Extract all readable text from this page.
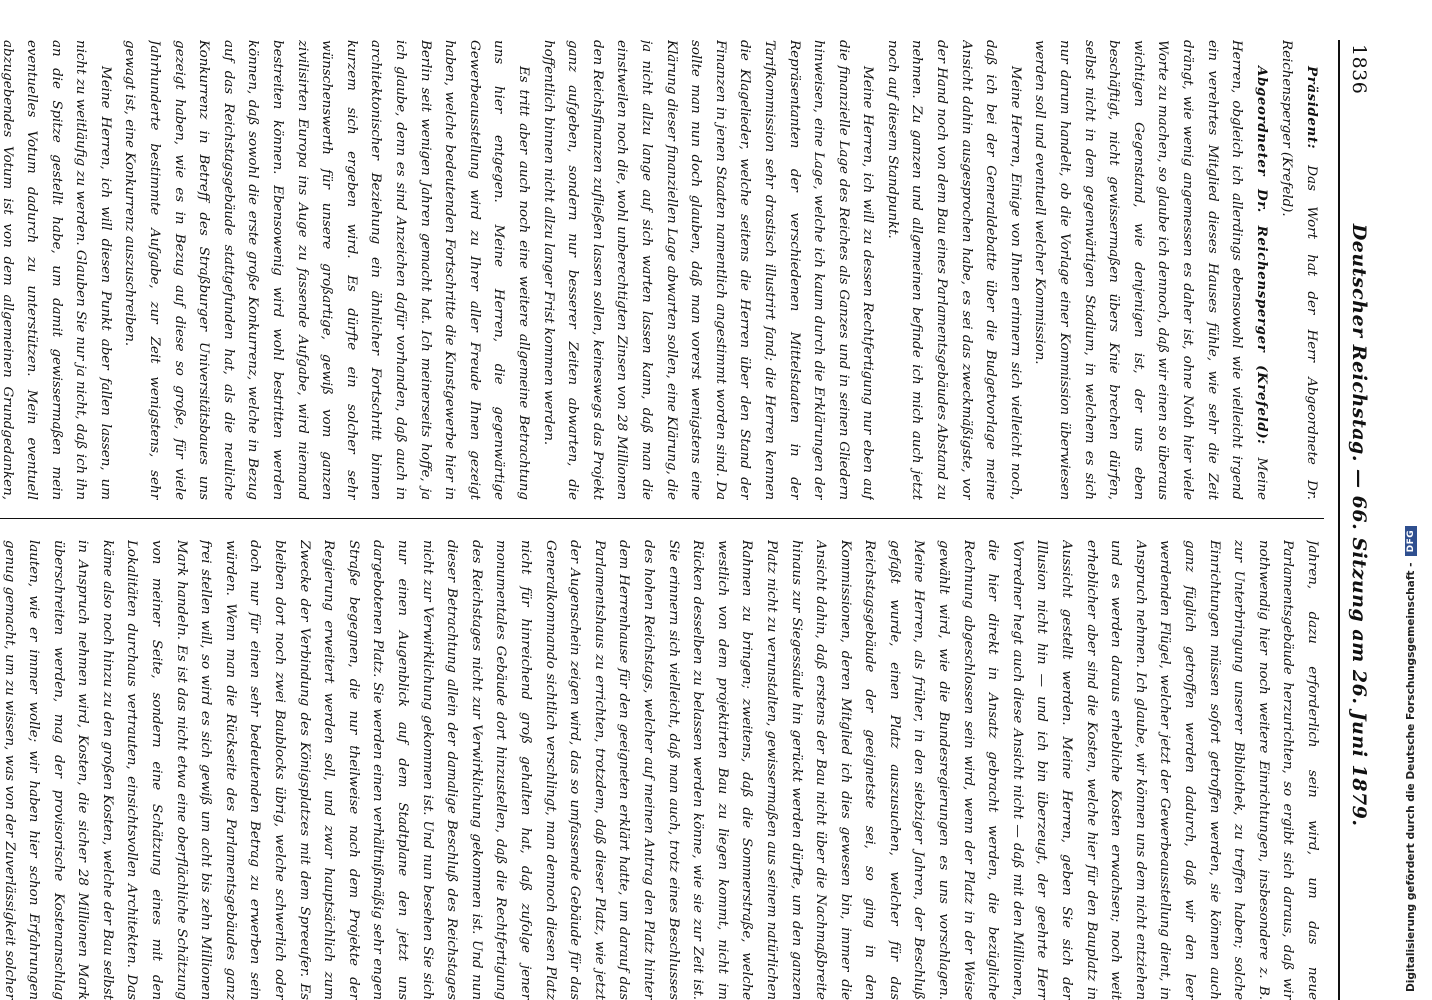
1836
Deutscher Reichstag. — 66. Sitzung am 26. Juni 1879.

Präsident: Das Wort hat der Herr Abgeordnete Dr. Reichensperger (Krefeld).

Abgeordneter Dr. Reichensperger (Krefeld): Meine Herren, obgleich ich allerdings ebensowohl wie vielleicht irgend ein verehrtes Mitglied dieses Hauses fühle, wie sehr die Zeit drängt, wie wenig angemessen es daher ist, ohne Noth hier viele Worte zu machen, so glaube ich dennoch, daß wir einen so überaus wichtigen Gegenstand, wie denjenigen ist, der uns eben beschäftigt, nicht gewissermaßen übers Knie brechen dürfen, selbst nicht in dem gegenwärtigen Stadium, in welchem es sich nur darum handelt, ob die Vorlage einer Kommission überwiesen werden soll und eventuell welcher Kommission.

Meine Herren, Einige von Ihnen erinnern sich vielleicht noch, daß ich bei der Generaldebatte über die Budgetvorlage meine Ansicht dahin ausgesprochen habe, es sei das zweckmäßigste, vor der Hand noch von dem Bau eines Parlamentsgebäudes Abstand zu nehmen. Zu ganzen und allgemeinen befinde ich mich auch jetzt noch auf diesem Standpunkt.

Meine Herren, ich will zu dessen Rechtfertigung nur eben auf die finanzielle Lage des Reiches als Ganzes und in seinen Gliedern hinweisen, eine Lage, welche ich kaum durch die Erklärungen der Repräsentanten der verschiedenen Mittelstaaten in der Tarifkommission sehr drastisch illustrirt fand; die Herren kennen die Klagelieder, welche seitens die Herren über den Stand der Finanzen in jenen Staaten namentlich angestimmt worden sind. Da sollte man nun doch glauben, daß man vorerst wenigstens eine Klärung dieser finanziellen Lage abwarten sollen, eine Klärung, die ja nicht allzu lange auf sich warten lassen kann, daß man die einstweilen noch die, wohl unberechtigten Zinsen von 28 Millionen den Reichsfinanzen zufließen lassen sollen, keineswegs das Projekt ganz aufgeben, sondern nur besserer Zeiten abwarten, die hoffentlich binnen nicht allzu langer Frist kommen werden.

Es tritt aber auch noch eine weitere allgemeine Betrachtung uns hier entgegen. Meine Herren, die gegenwärtige Gewerbeausstellung wird zu Ihrer aller Freude Ihnen gezeigt haben, welche bedeutenden Fortschritte die Kunstgewerbe hier in Berlin seit wenigen Jahren gemacht hat. Ich meinerseits hoffe, ja ich glaube, denn es sind Anzeichen dafür vorhanden, daß auch in architektonischer Beziehung ein ähnlicher Fortschritt binnen kurzem sich ergeben wird. Es dürfte ein solcher sehr wünschenswerth für unsere großartige, gewiß vom ganzen zivilisirten Europa ins Auge zu fassende Aufgabe, wird niemand bestreiten können. Ebensowenig wird wohl bestritten werden können, daß sowohl die erste große Konkurrenz, welche in Bezug auf das Reichstagsgebäude stattgefunden hat, als die neuliche Konkurrenz in Betreff des Straßburger Universitätsbaues uns gezeigt haben, wie es in Bezug auf diese so große, für viele Jahrhunderte bestimmte Aufgabe, zur Zeit wenigstens, sehr gewagt ist, eine Konkurrenz auszuschreiben.

Meine Herren, ich will diesen Punkt aber fallen lassen, um nicht zu weitläufig zu werden. Glauben Sie nur ja nicht, daß ich ihn an die Spitze gestellt habe, um damit gewissermaßen mein eventuelles Votum dadurch zu unterstützen. Mein eventuell abzugebendes Votum ist von dem allgemeinen Grundgedanken,

Jahren, dazu erforderlich sein wird, um das neue Parlamentsgebäude herzurichten, so ergibt sich daraus, daß wir nothwendig hier noch weitere Einrichtungen, insbesondere z. B. zur Unterbringung unserer Bibliothek, zu treffen haben; solche Einrichtungen müssen sofort getroffen werden, sie können auch ganz füglich getroffen werden dadurch, daß wir den leer werdenden Flügel, welcher jetzt der Gewerbeausstellung dient, in Anspruch nehmen. Ich glaube, wir können uns dem nicht entziehen und es werden daraus erhebliche Kosten erwachsen; noch weit erheblicher aber sind die Kosten, welche hier für den Bauplatz in Aussicht gestellt werden. Meine Herren, geben Sie sich der Illusion nicht hin — und ich bin überzeugt, der geehrte Herr Vorredner hegt auch diese Ansicht nicht — daß mit den Millionen, die hier direkt in Ansatz gebracht werden, die bezügliche Rechnung abgeschlossen sein wird, wenn der Platz in der Weise gewählt wird, wie die Bundesregierungen es uns vorschlagen. Meine Herren, als früher, in den siebziger Jahren, der Beschluß gefaßt wurde, einen Platz auszusuchen, welcher für das Reichstagsgebäude der geeignetste sei, so ging in den Kommissionen, deren Mitglied ich dies gewesen bin, immer die Ansicht dahin, daß erstens der Bau nicht über die Nachmaßbreite hinaus zur Siegessäule hin gerückt werden dürfte, um den ganzen Platz nicht zu verunstalten, gewissermaßen aus seinem natürlichen Rahmen zu bringen; zweitens, daß die Sommerstraße, welche westlich von dem projektirten Bau zu liegen kommt, nicht im Rücken desselben zu belassen werden könne, wie sie zur Zeit ist. Sie erinnern sich vielleicht, daß man auch, trotz eines Beschlusses des hohen Reichstags, welcher auf meinen Antrag den Platz hinter dem Herrenhause für den geeigneten erklärt hatte, um darauf das Parlamentshaus zu errichten, trotzdem, daß dieser Platz, wie jetzt der Augenschein zeigen wird, das so umfassende Gebäude für das Generalkommando sichtlich verschlingt, man dennoch diesen Platz nicht für hinreichend groß gehalten hat, daß zufolge jener monumentales Gebäude dort hinzustellen, daß die Rechtfertigung des Reichstages nicht zur Verwirklichung gekommen ist. Und nun dieser Betrachtung allein der damalige Beschluß des Reichstages nicht zur Verwirklichung gekommen ist. Und nun besehen Sie sich nur einen Augenblick auf dem Stadtplane den jetzt uns dargebotenen Platz. Sie werden einen verhältnißmäßig sehr engen Straße begegnen, die nur theilweise nach dem Projekte der Regierung erweitert werden soll, und zwar hauptsächlich zum Zwecke der Verbindung des Königsplatzes mit dem Spreeufer. Es bleiben dort noch zwei Baublocks übrig, welche schwerlich oder doch nur für einen sehr bedeutenden Betrag zu erwerben sein würden. Wenn man die Rückseite des Parlamentsgebäudes ganz frei stellen will, so wird es sich gewiß um acht bis zehn Millionen Mark handeln. Es ist das nicht etwa eine oberflächliche Schätzung von meiner Seite, sondern eine Schätzung eines mit den Lokalitäten durchaus vertrauten, einsichtsvollen Architekten. Das käme also noch hinzu zu den großen Kosten, welche der Bau selbst in Anspruch nehmen wird, Kosten, die sicher 28 Millionen Mark überschreiten werden, mag der provisorische Kostenanschlag lauten, wie er immer wolle; wir haben hier schon Erfahrungen genug gemacht, um zu wissen, was von der Zuverlässigkeit solcher	Digitalisierung gefördert durch die Deutsche Forschungsgemeinschaft -
DFG
